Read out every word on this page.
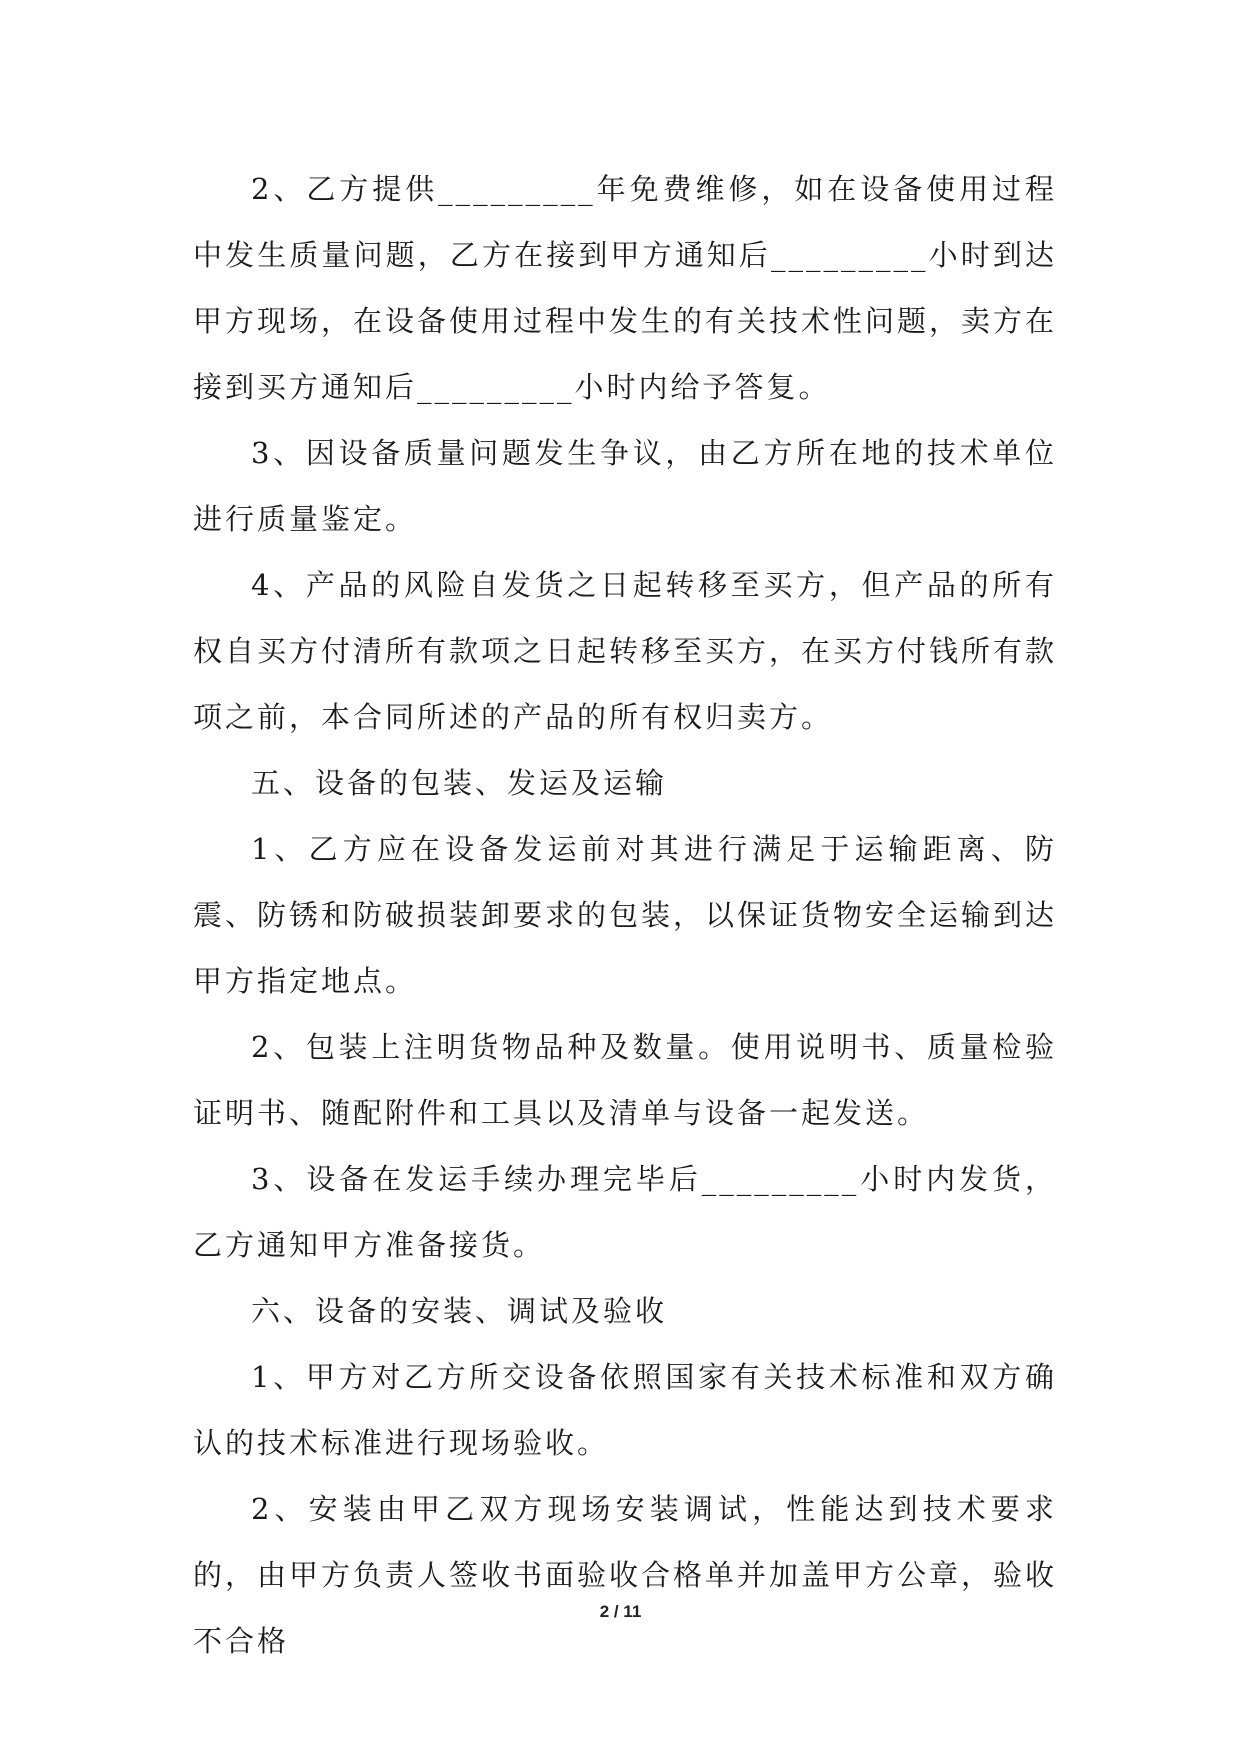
2、乙方提供_________年免费维修，如在设备使用过程中发生质量问题，乙方在接到甲方通知后_________小时到达甲方现场，在设备使用过程中发生的有关技术性问题，卖方在接到买方通知后_________小时内给予答复。

3、因设备质量问题发生争议，由乙方所在地的技术单位进行质量鉴定。

4、产品的风险自发货之日起转移至买方，但产品的所有权自买方付清所有款项之日起转移至买方，在买方付钱所有款项之前，本合同所述的产品的所有权归卖方。

五、设备的包装、发运及运输

1、乙方应在设备发运前对其进行满足于运输距离、防震、防锈和防破损装卸要求的包装，以保证货物安全运输到达甲方指定地点。

2、包装上注明货物品种及数量。使用说明书、质量检验证明书、随配附件和工具以及清单与设备一起发送。

3、设备在发运手续办理完毕后_________小时内发货，乙方通知甲方准备接货。

六、设备的安装、调试及验收

1、甲方对乙方所交设备依照国家有关技术标准和双方确认的技术标准进行现场验收。

2、安装由甲乙双方现场安装调试，性能达到技术要求的，由甲方负责人签收书面验收合格单并加盖甲方公章，验收不合格

2 / 11
